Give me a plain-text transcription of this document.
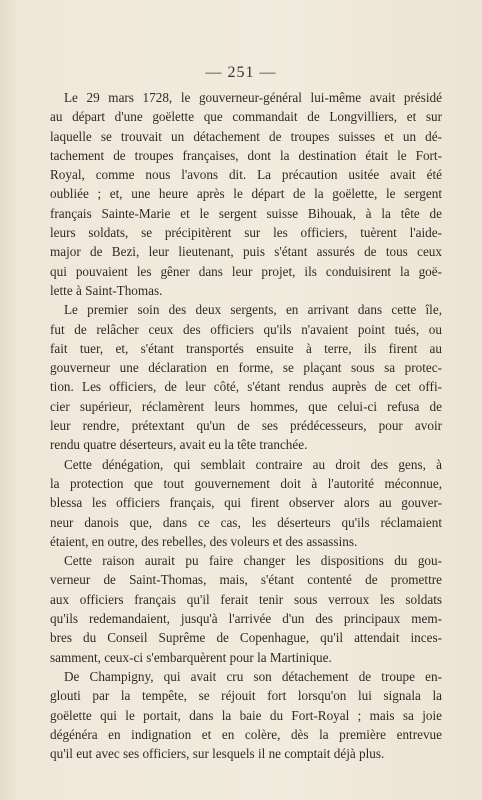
— 251 —
Le 29 mars 1728, le gouverneur-général lui-même avait présidé
au départ d'une goëlette que commandait de Longvilliers, et sur
laquelle se trouvait un détachement de troupes suisses et un dé-
tachement de troupes françaises, dont la destination était le Fort-
Royal, comme nous l'avons dit. La précaution usitée avait été
oubliée ; et, une heure après le départ de la goëlette, le sergent
français Sainte-Marie et le sergent suisse Bihouak, à la tête de
leurs soldats, se précipitèrent sur les officiers, tuèrent l'aide-
major de Bezi, leur lieutenant, puis s'étant assurés de tous ceux
qui pouvaient les gêner dans leur projet, ils conduisirent la goë-
lette à Saint-Thomas.
Le premier soin des deux sergents, en arrivant dans cette île,
fut de relâcher ceux des officiers qu'ils n'avaient point tués, ou
fait tuer, et, s'étant transportés ensuite à terre, ils firent au
gouverneur une déclaration en forme, se plaçant sous sa protec-
tion. Les officiers, de leur côté, s'étant rendus auprès de cet offi-
cier supérieur, réclamèrent leurs hommes, que celui-ci refusa de
leur rendre, prétextant qu'un de ses prédécesseurs, pour avoir
rendu quatre déserteurs, avait eu la tête tranchée.
Cette dénégation, qui semblait contraire au droit des gens, à
la protection que tout gouvernement doit à l'autorité méconnue,
blessa les officiers français, qui firent observer alors au gouver-
neur danois que, dans ce cas, les déserteurs qu'ils réclamaient
étaient, en outre, des rebelles, des voleurs et des assassins.
Cette raison aurait pu faire changer les dispositions du gou-
verneur de Saint-Thomas, mais, s'étant contenté de promettre
aux officiers français qu'il ferait tenir sous verroux les soldats
qu'ils redemandaient, jusqu'à l'arrivée d'un des principaux mem-
bres du Conseil Suprême de Copenhague, qu'il attendait inces-
samment, ceux-ci s'embarquèrent pour la Martinique.
De Champigny, qui avait cru son détachement de troupe en-
glouti par la tempête, se réjouit fort lorsqu'on lui signala la
goëlette qui le portait, dans la baie du Fort-Royal ; mais sa joie
dégénéra en indignation et en colère, dès la première entrevue
qu'il eut avec ses officiers, sur lesquels il ne comptait déjà plus.
